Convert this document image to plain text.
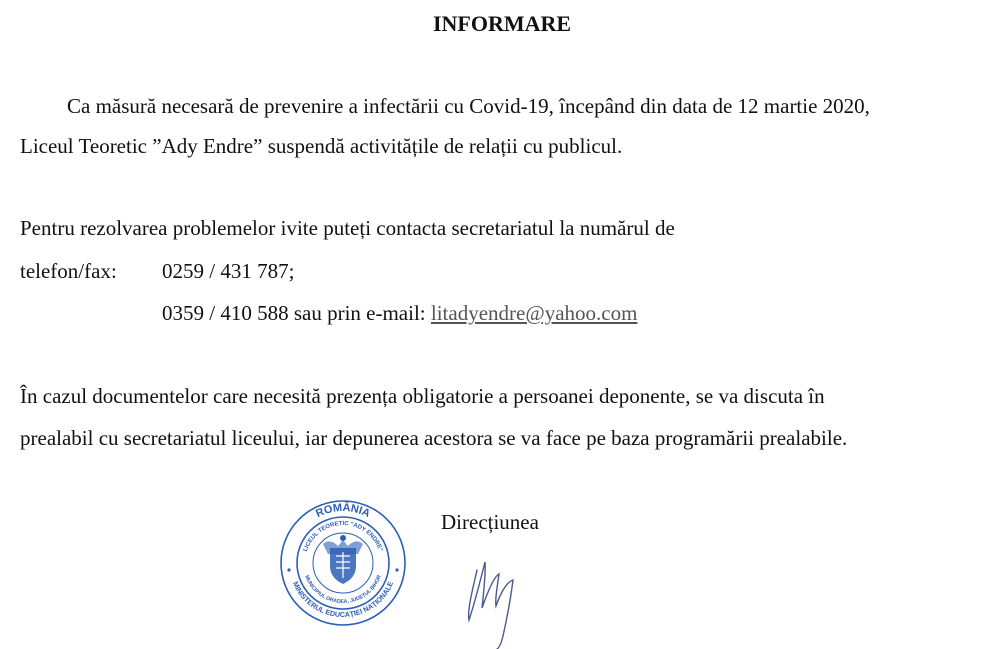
INFORMARE
Ca măsură necesară de prevenire a infectării cu Covid-19, începând din data de 12 martie 2020,
Liceul Teoretic ”Ady Endre” suspendă activitățile de relații cu publicul.
Pentru rezolvarea problemelor ivite puteți contacta secretariatul la numărul de
telefon/fax: 0259 / 431 787;
0359 / 410 588 sau prin e-mail: litadyendre@yahoo.com
În cazul documentelor care necesită prezența obligatorie a persoanei deponente, se va discuta în
prealabil cu secretariatul liceului, iar depunerea acestora se va face pe baza programării prealabile.
Direcțiunea
ROMÂNIA
MINISTERUL EDUCAȚIEI NAȚIONALE
LICEUL TEORETIC "ADY ENDRE"
MUNICIPIUL ORADEA, JUDEȚUL BIHOR
